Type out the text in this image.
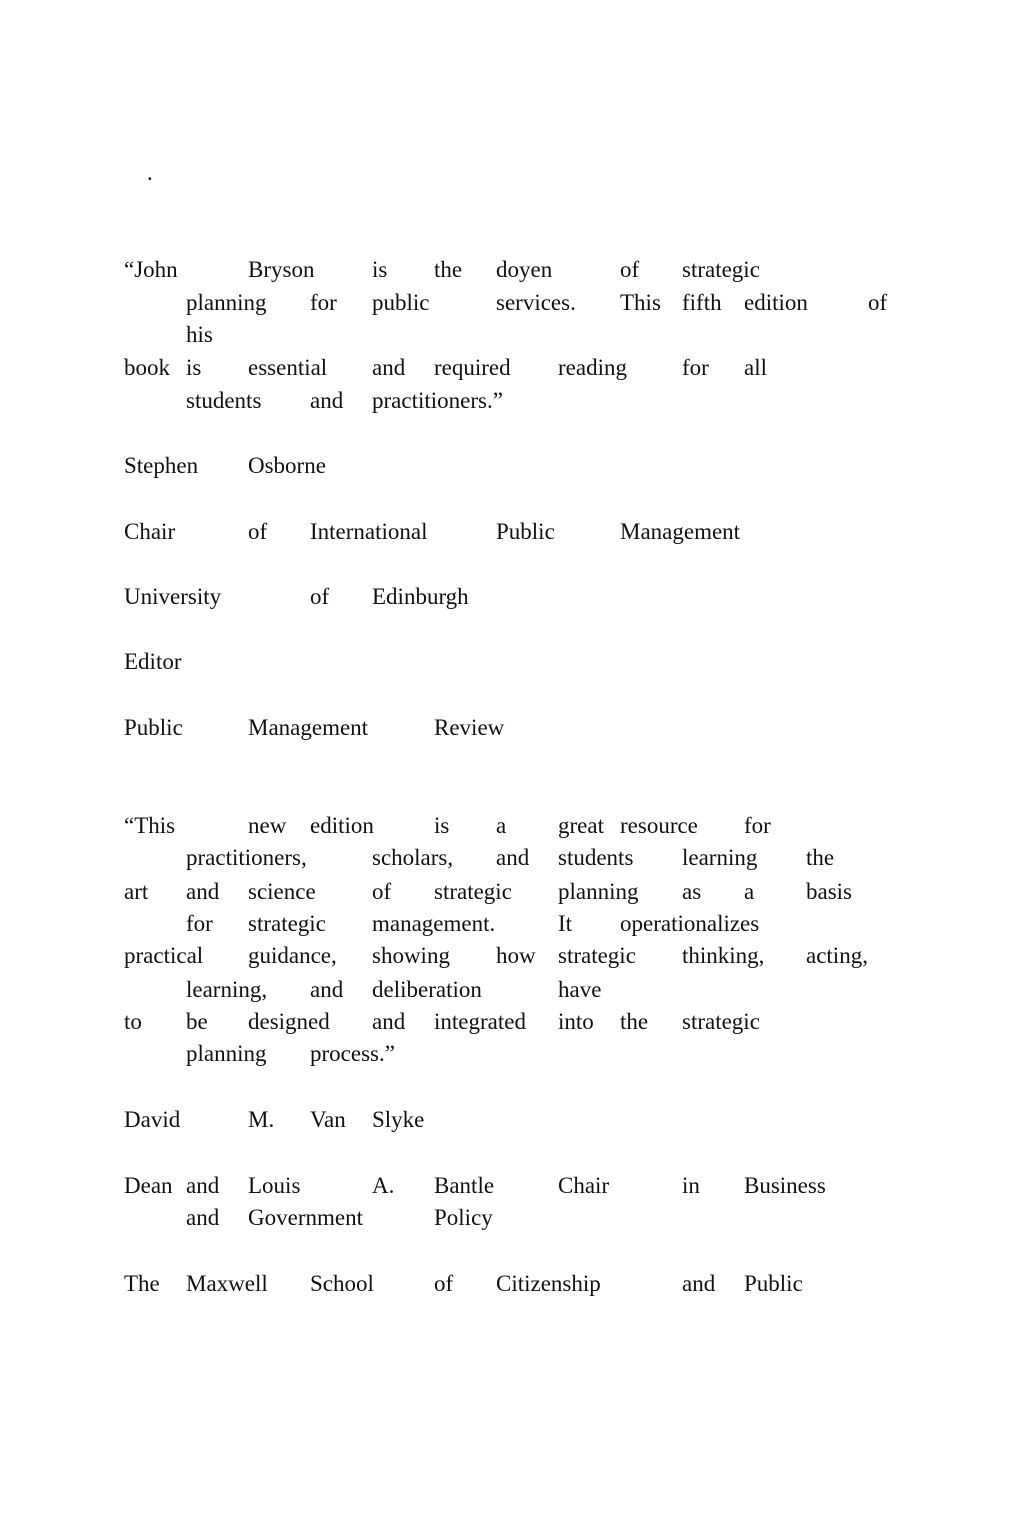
.

“John

	Bryson

	is

the

doyen

	of

strategic

planning

for

public

	services.

This

fifth

edition

	of

his

book

is

essential

and

required

reading

for

all

students

and

practitioners.”

Stephen

Osborne

Chair

	of

International

	Public

	Management

University

	of

Edinburgh

Editor

Public

	Management

	Review

“This

	new

edition

	is

a

great

resource

for

practitioners,

	scholars,

and

students

learning

the

art

and

science

of

strategic

planning

as

a

basis

for

strategic

management.

	It

operationalizes

practical

guidance,

showing

how

strategic

thinking,

acting,

learning,

and

deliberation

	have

to

be

designed

and

integrated

into

the

strategic

planning

process.”

David

	M.

Van

Slyke

Dean

and

Louis

	A.

Bantle

	Chair

	in

Business

and

Government

	Policy

The

Maxwell

School

	of

Citizenship

	and

Public
